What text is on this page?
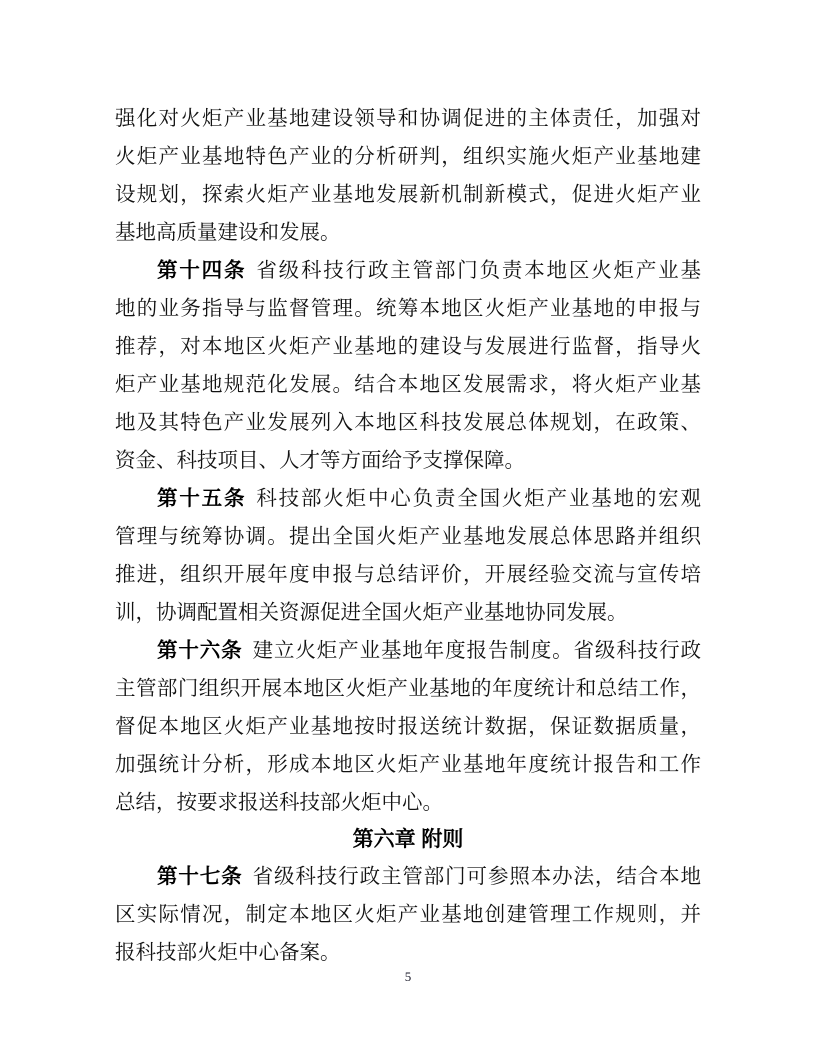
强化对火炬产业基地建设领导和协调促进的主体责任，加强对
火炬产业基地特色产业的分析研判，组织实施火炬产业基地建
设规划，探索火炬产业基地发展新机制新模式，促进火炬产业
基地高质量建设和发展。
第十四条 省级科技行政主管部门负责本地区火炬产业基
地的业务指导与监督管理。统筹本地区火炬产业基地的申报与
推荐，对本地区火炬产业基地的建设与发展进行监督，指导火
炬产业基地规范化发展。结合本地区发展需求，将火炬产业基
地及其特色产业发展列入本地区科技发展总体规划，在政策、
资金、科技项目、人才等方面给予支撑保障。
第十五条 科技部火炬中心负责全国火炬产业基地的宏观
管理与统筹协调。提出全国火炬产业基地发展总体思路并组织
推进，组织开展年度申报与总结评价，开展经验交流与宣传培
训，协调配置相关资源促进全国火炬产业基地协同发展。
第十六条 建立火炬产业基地年度报告制度。省级科技行政
主管部门组织开展本地区火炬产业基地的年度统计和总结工作，
督促本地区火炬产业基地按时报送统计数据，保证数据质量，
加强统计分析，形成本地区火炬产业基地年度统计报告和工作
总结，按要求报送科技部火炬中心。
第六章 附则
第十七条 省级科技行政主管部门可参照本办法，结合本地
区实际情况，制定本地区火炬产业基地创建管理工作规则，并
报科技部火炬中心备案。
5
